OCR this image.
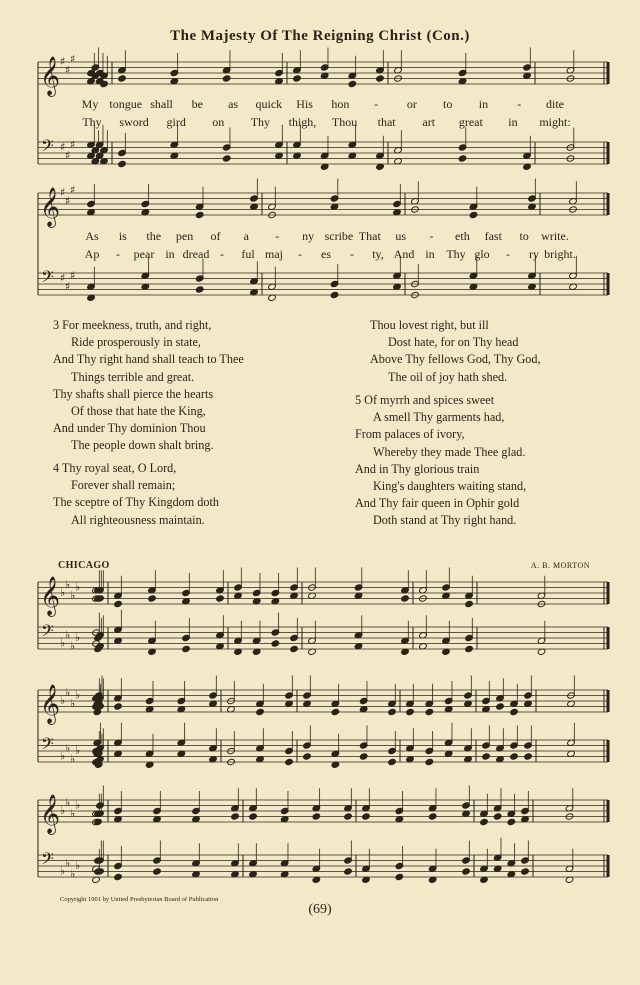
The Majesty Of The Reigning Christ (Con.)
𝄞
𝄢
♯
♯
♯
♯
♯
♯
𝄞
𝄢
♯
♯
♯
♯
♯
♯
𝄞
𝄢
♭
♭
♭
♭
♭
♭
♭
♭
𝄞
𝄢
♭
♭
♭
♭
♭
♭
♭
♭
𝄞
𝄢
♭
♭
♭
♭
♭
♭
♭
♭
My tongue shall be as quick His hon - or to in - dite
Thy sword gird on Thy thigh, Thou that art great in might:
As is the pen of a - ny scribe That us - eth fast to write.
Ap - pear in dread - ful maj - es - ty, And in Thy glo - ry bright.
3 For meekness, truth, and right,
Ride prosperously in state,
And Thy right hand shall teach to Thee
Things terrible and great.
Thy shafts shall pierce the hearts
Of those that hate the King,
And under Thy dominion Thou
The people down shalt bring.
4 Thy royal seat, O Lord,
Forever shall remain;
The sceptre of Thy Kingdom doth
All righteousness maintain.
Thou lovest right, but ill
Dost hate, for on Thy head
Above Thy fellows God, Thy God,
The oil of joy hath shed.
5 Of myrrh and spices sweet
A smell Thy garments had,
From palaces of ivory,
Whereby they made Thee glad.
And in Thy glorious train
King's daughters waiting stand,
And Thy fair queen in Ophir gold
Doth stand at Thy right hand.
CHICAGO	A. B. MORTON
Copyright 1901 by United Presbyterian Board of Publication
(69)
